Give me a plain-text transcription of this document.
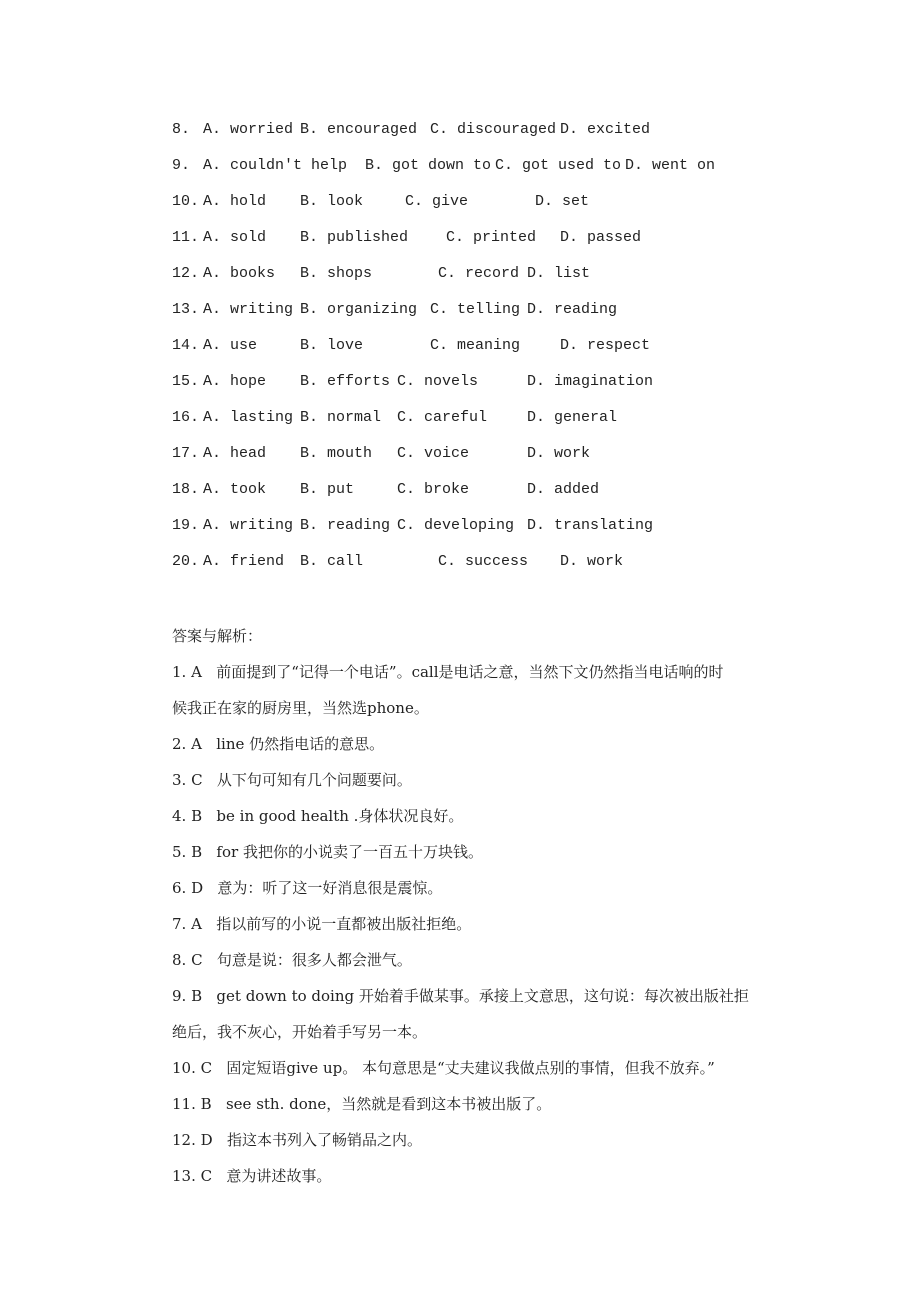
8. A. worried B. encouraged C. discouraged D. excited
9. A. couldn't help B. got down to C. got used to D. went on
10. A. hold B. look	C. give	D. set
11. A. sold B. published	C. printed D. passed
12. A. books B. shops	C. record D. list
13. A. writing B. organizing C. telling D. reading
14. A. use	B. love	C. meaning	D. respect
15. A. hope B. efforts C. novels	D. imagination
16. A. lasting B. normal C. careful	D. general
17. A. head B. mouth C. voice	D. work
18. A. took B. put	C. broke	D. added
19. A. writing B. reading C. developing D. translating
20. A. friend B. call	C. success D. work
答案与解析：
1. A 前面提到了“记得一个电话”。call是电话之意，当然下文仍然指当电话响的时
候我正在家的厨房里，当然选phone。
2. A line 仍然指电话的意思。
3. C 从下句可知有几个问题要问。
4. B be in good health .身体状况良好。
5. B for 我把你的小说卖了一百五十万块钱。
6. D 意为：听了这一好消息很是震惊。
7. A 指以前写的小说一直都被出版社拒绝。
8. C 句意是说：很多人都会泄气。
9. B get down to doing 开始着手做某事。承接上文意思，这句说：每次被出版社拒
绝后，我不灰心，开始着手写另一本。
10. C 固定短语give up。 本句意思是“丈夫建议我做点别的事情，但我不放弃。”
11. B see sth. done，当然就是看到这本书被出版了。
12. D 指这本书列入了畅销品之内。
13. C 意为讲述故事。
